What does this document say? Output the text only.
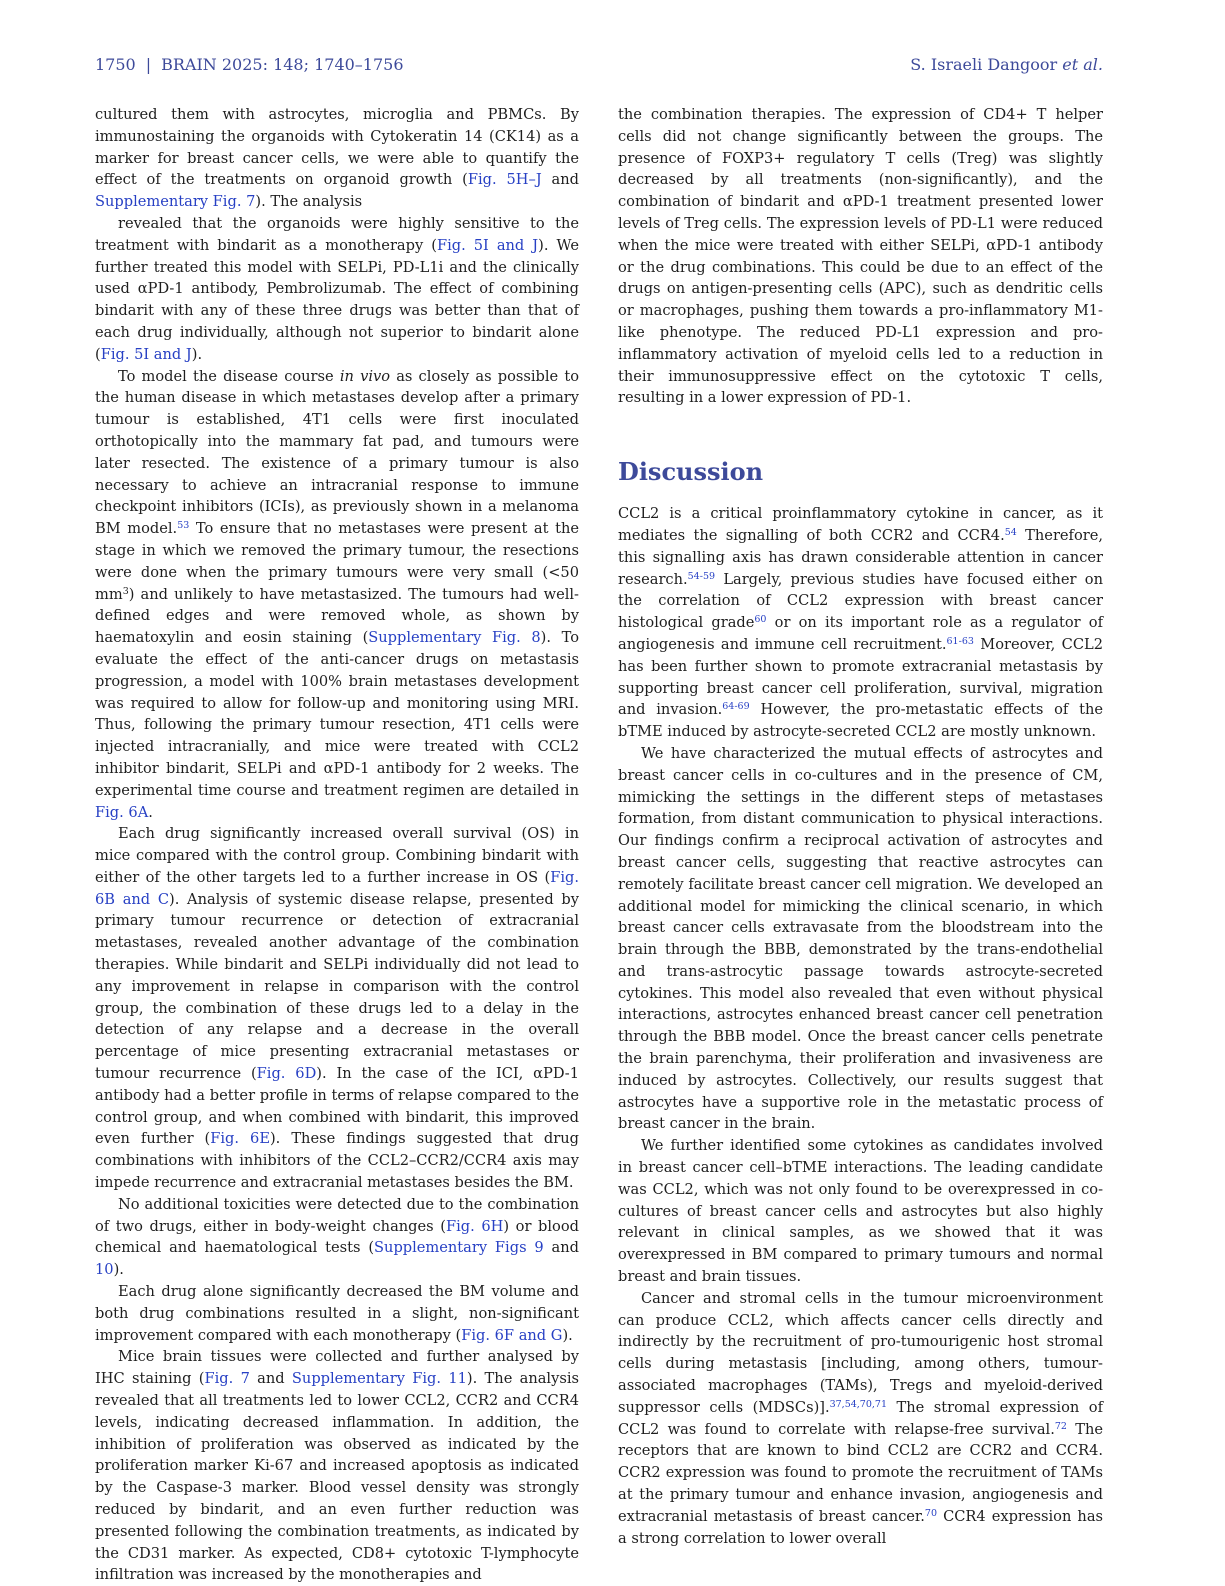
1750 | BRAIN 2025: 148; 1740–1756	S. Israeli Dangoor et al.

cultured them with astrocytes, microglia and PBMCs. By immunostaining the organoids with Cytokeratin 14 (CK14) as a marker for breast cancer cells, we were able to quantify the effect of the treatments on organoid growth (Fig. 5H–J and Supplementary Fig. 7). The analysis

revealed that the organoids were highly sensitive to the treatment with bindarit as a monotherapy (Fig. 5I and J). We further treated this model with SELPi, PD-L1i and the clinically used αPD-1 antibody, Pembrolizumab. The effect of combining bindarit with any of these three drugs was better than that of each drug individually, although not superior to bindarit alone (Fig. 5I and J).

To model the disease course in vivo as closely as possible to the human disease in which metastases develop after a primary tumour is established, 4T1 cells were first inoculated orthotopically into the mammary fat pad, and tumours were later resected. The existence of a primary tumour is also necessary to achieve an intracranial response to immune checkpoint inhibitors (ICIs), as previously shown in a melanoma BM model.$^{53}$ To ensure that no metastases were present at the stage in which we removed the primary tumour, the resections were done when the primary tumours were very small (<50 $mm^3$) and unlikely to have metastasized. The tumours had well-defined edges and were removed whole, as shown by haematoxylin and eosin staining (Supplementary Fig. 8). To evaluate the effect of the anti-cancer drugs on metastasis progression, a model with 100% brain metastases development was required to allow for follow-up and monitoring using MRI. Thus, following the primary tumour resection, 4T1 cells were injected intracranially, and mice were treated with CCL2 inhibitor bindarit, SELPi and αPD-1 antibody for 2 weeks. The experimental time course and treatment regimen are detailed in Fig. 6A.

Each drug significantly increased overall survival (OS) in mice compared with the control group. Combining bindarit with either of the other targets led to a further increase in OS (Fig. 6B and C). Analysis of systemic disease relapse, presented by primary tumour recurrence or detection of extracranial metastases, revealed another advantage of the combination therapies. While bindarit and SELPi individually did not lead to any improvement in relapse in comparison with the control group, the combination of these drugs led to a delay in the detection of any relapse and a decrease in the overall percentage of mice presenting extracranial metastases or tumour recurrence (Fig. 6D). In the case of the ICI, αPD-1 antibody had a better profile in terms of relapse compared to the control group, and when combined with bindarit, this improved even further (Fig. 6E). These findings suggested that drug combinations with inhibitors of the CCL2–CCR2/CCR4 axis may impede recurrence and extracranial metastases besides the BM.

No additional toxicities were detected due to the combination of two drugs, either in body-weight changes (Fig. 6H) or blood chemical and haematological tests (Supplementary Figs 9 and 10).

Each drug alone significantly decreased the BM volume and both drug combinations resulted in a slight, non-significant improvement compared with each monotherapy (Fig. 6F and G).

Mice brain tissues were collected and further analysed by IHC staining (Fig. 7 and Supplementary Fig. 11). The analysis revealed that all treatments led to lower CCL2, CCR2 and CCR4 levels, indicating decreased inflammation. In addition, the inhibition of proliferation was observed as indicated by the proliferation marker Ki-67 and increased apoptosis as indicated by the Caspase-3 marker. Blood vessel density was strongly reduced by bindarit, and an even further reduction was presented following the combination treatments, as indicated by the CD31 marker. As expected, CD8+ cytotoxic T-lymphocyte infiltration was increased by the monotherapies and

the combination therapies. The expression of CD4+ T helper cells did not change significantly between the groups. The presence of FOXP3+ regulatory T cells (Treg) was slightly decreased by all treatments (non-significantly), and the combination of bindarit and αPD-1 treatment presented lower levels of Treg cells. The expression levels of PD-L1 were reduced when the mice were treated with either SELPi, αPD-1 antibody or the drug combinations. This could be due to an effect of the drugs on antigen-presenting cells (APC), such as dendritic cells or macrophages, pushing them towards a pro-inflammatory M1-like phenotype. The reduced PD-L1 expression and pro-inflammatory activation of myeloid cells led to a reduction in their immunosuppressive effect on the cytotoxic T cells, resulting in a lower expression of PD-1.

Discussion

CCL2 is a critical proinflammatory cytokine in cancer, as it mediates the signalling of both CCR2 and CCR4.54 Therefore, this signalling axis has drawn considerable attention in cancer research.$^{54-59}$ Largely, previous studies have focused either on the correlation of CCL2 expression with breast cancer histological grade$^{60}$ or on its important role as a regulator of angiogenesis and immune cell recruitment.$^{61-63}$ Moreover, CCL2 has been further shown to promote extracranial metastasis by supporting breast cancer cell proliferation, survival, migration and invasion.$^{64-69}$ However, the pro-metastatic effects of the bTME induced by astrocyte-secreted CCL2 are mostly unknown.

We have characterized the mutual effects of astrocytes and breast cancer cells in co-cultures and in the presence of CM, mimicking the settings in the different steps of metastases formation, from distant communication to physical interactions. Our findings confirm a reciprocal activation of astrocytes and breast cancer cells, suggesting that reactive astrocytes can remotely facilitate breast cancer cell migration. We developed an additional model for mimicking the clinical scenario, in which breast cancer cells extravasate from the bloodstream into the brain through the BBB, demonstrated by the trans-endothelial and trans-astrocytic passage towards astrocyte-secreted cytokines. This model also revealed that even without physical interactions, astrocytes enhanced breast cancer cell penetration through the BBB model. Once the breast cancer cells penetrate the brain parenchyma, their proliferation and invasiveness are induced by astrocytes. Collectively, our results suggest that astrocytes have a supportive role in the metastatic process of breast cancer in the brain.

We further identified some cytokines as candidates involved in breast cancer cell–bTME interactions. The leading candidate was CCL2, which was not only found to be overexpressed in co-cultures of breast cancer cells and astrocytes but also highly relevant in clinical samples, as we showed that it was overexpressed in BM compared to primary tumours and normal breast and brain tissues.

Cancer and stromal cells in the tumour microenvironment can produce CCL2, which affects cancer cells directly and indirectly by the recruitment of pro-tumourigenic host stromal cells during metastasis [including, among others, tumour-associated macrophages (TAMs), Tregs and myeloid-derived suppressor cells (MDSCs)].$^{37,54,70,71}$ The stromal expression of CCL2 was found to correlate with relapse-free survival.$^{72}$ The receptors that are known to bind CCL2 are CCR2 and CCR4. CCR2 expression was found to promote the recruitment of TAMs at the primary tumour and enhance invasion, angiogenesis and extracranial metastasis of breast cancer.$^{70}$ CCR4 expression has a strong correlation to lower overall
